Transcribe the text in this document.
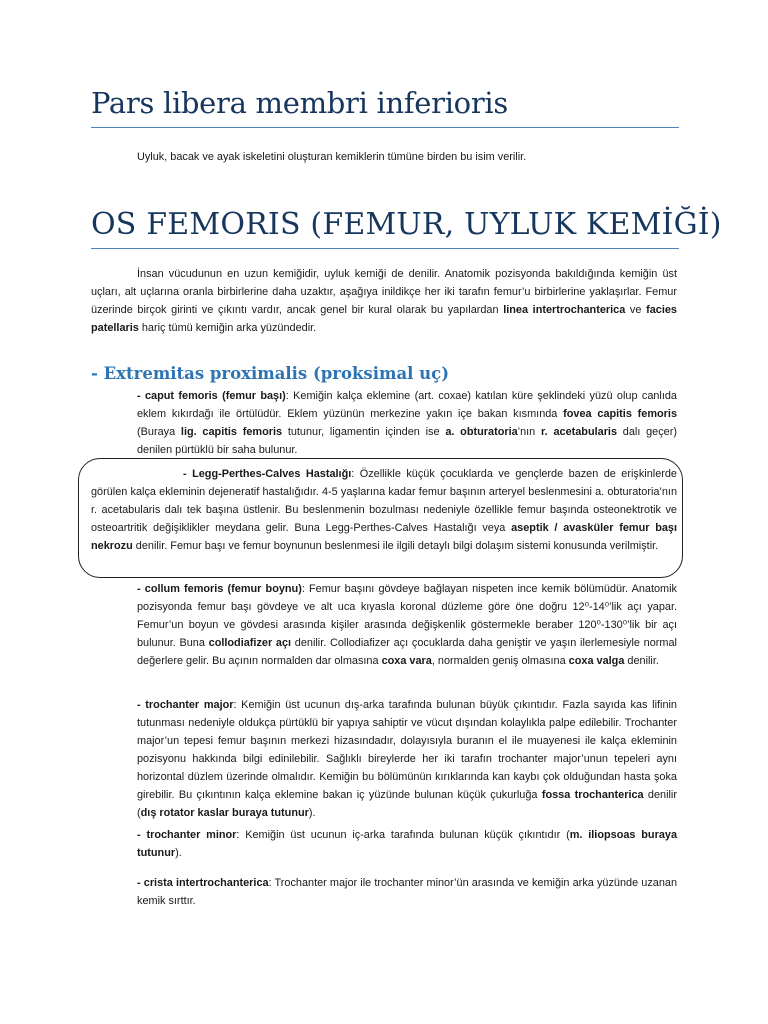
Pars libera membri inferioris

Uyluk, bacak ve ayak iskeletini oluşturan kemiklerin tümüne birden bu isim verilir.

OS FEMORIS (FEMUR, UYLUK KEMİĞİ)

İnsan vücudunun en uzun kemiğidir, uyluk kemiği de denilir. Anatomik pozisyonda bakıldığında kemiğin üst uçları, alt uçlarına oranla birbirlerine daha uzaktır, aşağıya inildikçe her iki tarafın femur’u birbirlerine yaklaşırlar. Femur üzerinde birçok girinti ve çıkıntı vardır, ancak genel bir kural olarak bu yapılardan linea intertrochanterica ve facies patellaris hariç tümü kemiğin arka yüzündedir.

- Extremitas proximalis (proksimal uç)

- caput femoris (femur başı): Kemiğin kalça eklemine (art. coxae) katılan küre şeklindeki yüzü olup canlıda eklem kıkırdağı ile örtülüdür. Eklem yüzünün merkezine yakın içe bakan kısmında fovea capitis femoris (Buraya lig. capitis femoris tutunur, ligamentin içinden ise a. obturatoria’nın r. acetabularis dalı geçer) denilen pürtüklü bir saha bulunur.

- Legg-Perthes-Calves Hastalığı: Özellikle küçük çocuklarda ve gençlerde bazen de erişkinlerde görülen kalça ekleminin dejeneratif hastalığıdır. 4-5 yaşlarına kadar femur başının arteryel beslenmesini a. obturatoria’nın r. acetabularis dalı tek başına üstlenir. Bu beslenmenin bozulması nedeniyle özellikle femur başında osteonektrotik ve osteoartritik değişiklikler meydana gelir. Buna Legg-Perthes-Calves Hastalığı veya aseptik / avasküler femur başı nekrozu denilir. Femur başı ve femur boynunun beslenmesi ile ilgili detaylı bilgi dolaşım sistemi konusunda verilmiştir.

- collum femoris (femur boynu): Femur başını gövdeye bağlayan nispeten ince kemik bölümüdür. Anatomik pozisyonda femur başı gövdeye ve alt uca kıyasla koronal düzleme göre öne doğru 12⁰-14⁰’lik açı yapar. Femur’un boyun ve gövdesi arasında kişiler arasında değişkenlik göstermekle beraber 120⁰-130⁰’lik bir açı bulunur. Buna collodiafizer açı denilir. Collodiafizer açı çocuklarda daha geniştir ve yaşın ilerlemesiyle normal değerlere gelir. Bu açının normalden dar olmasına coxa vara, normalden geniş olmasına coxa valga denilir.

- trochanter major: Kemiğin üst ucunun dış-arka tarafında bulunan büyük çıkıntıdır. Fazla sayıda kas lifinin tutunması nedeniyle oldukça pürtüklü bir yapıya sahiptir ve vücut dışından kolaylıkla palpe edilebilir. Trochanter major’un tepesi femur başının merkezi hizasındadır, dolayısıyla buranın el ile muayenesi ile kalça ekleminin pozisyonu hakkında bilgi edinilebilir. Sağlıklı bireylerde her iki tarafın trochanter major’unun tepeleri aynı horizontal düzlem üzerinde olmalıdır. Kemiğin bu bölümünün kırıklarında kan kaybı çok olduğundan hasta şoka girebilir. Bu çıkıntının kalça eklemine bakan iç yüzünde bulunan küçük çukurluğa fossa trochanterica denilir (dış rotator kaslar buraya tutunur).

- trochanter minor: Kemiğin üst ucunun iç-arka tarafında bulunan küçük çıkıntıdır (m. iliopsoas buraya tutunur).

- crista intertrochanterica: Trochanter major ile trochanter minor’ün arasında ve kemiğin arka yüzünde uzanan kemik sırttır.
